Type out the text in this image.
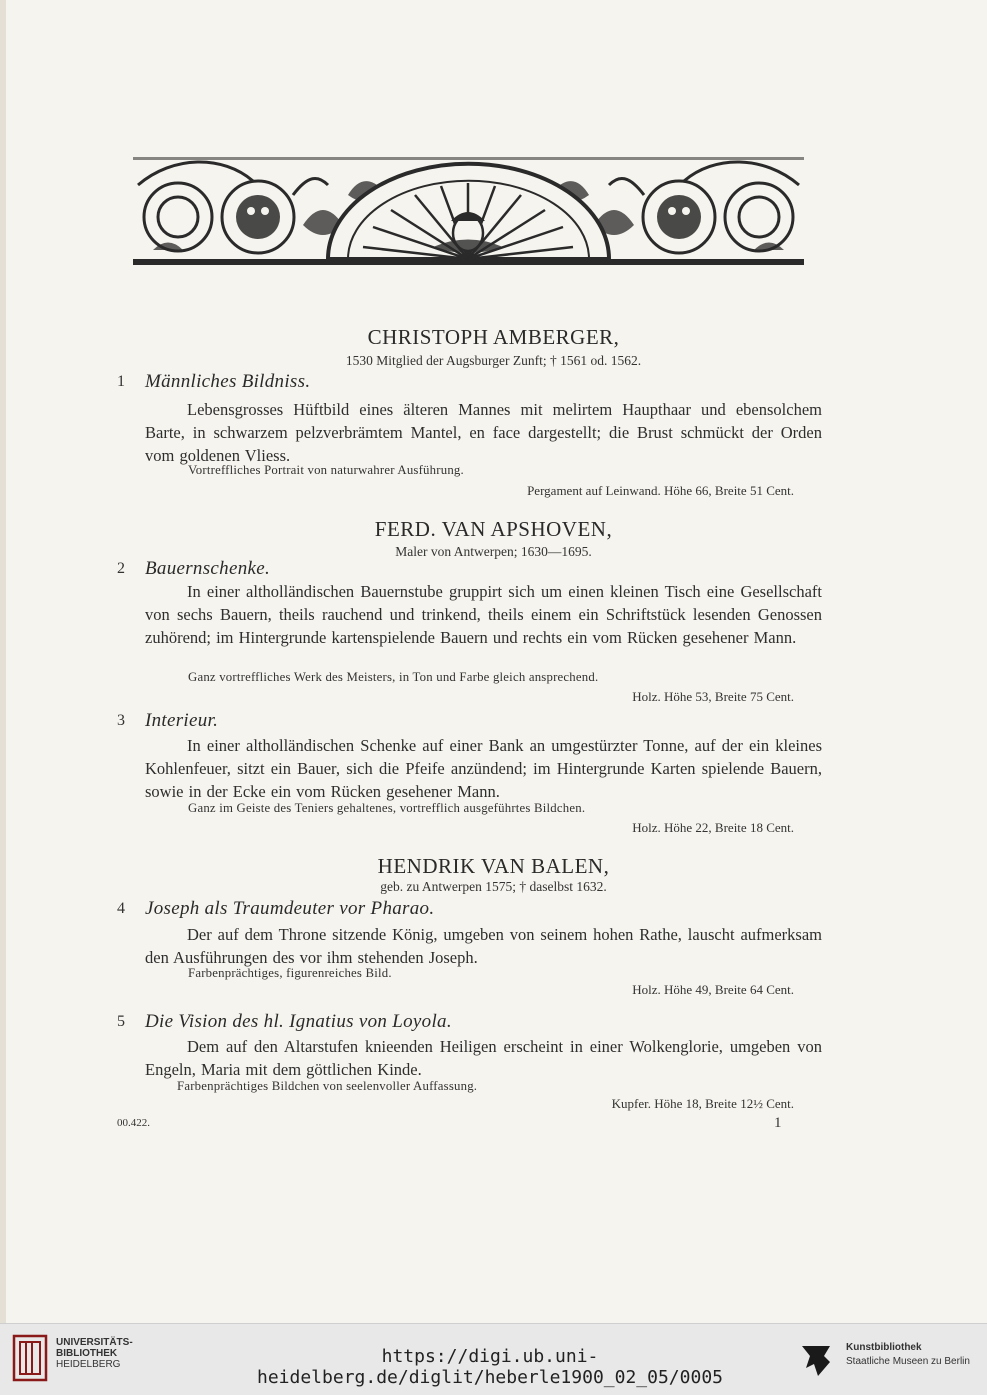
CHRISTOPH AMBERGER,
1530 Mitglied der Augsburger Zunft; † 1561 od. 1562.
1 Männliches Bildniss.
Lebensgrosses Hüftbild eines älteren Mannes mit melirtem Haupthaar und ebensolchem Barte, in schwarzem pelzverbrämtem Mantel, en face dargestellt; die Brust schmückt der Orden vom goldenen Vliess.
Vortreffliches Portrait von naturwahrer Ausführung.
Pergament auf Leinwand. Höhe 66, Breite 51 Cent.
FERD. VAN APSHOVEN,
Maler von Antwerpen; 1630—1695.
2 Bauernschenke.
In einer altholländischen Bauernstube gruppirt sich um einen kleinen Tisch eine Gesellschaft von sechs Bauern, theils rauchend und trinkend, theils einem ein Schriftstück lesenden Genossen zuhörend; im Hintergrunde kartenspielende Bauern und rechts ein vom Rücken gesehener Mann.
Ganz vortreffliches Werk des Meisters, in Ton und Farbe gleich ansprechend.
Holz. Höhe 53, Breite 75 Cent.
3 Interieur.
In einer altholländischen Schenke auf einer Bank an umgestürzter Tonne, auf der ein kleines Kohlenfeuer, sitzt ein Bauer, sich die Pfeife anzündend; im Hintergrunde Karten spielende Bauern, sowie in der Ecke ein vom Rücken gesehener Mann.
Ganz im Geiste des Teniers gehaltenes, vortrefflich ausgeführtes Bildchen.
Holz. Höhe 22, Breite 18 Cent.
HENDRIK VAN BALEN,
geb. zu Antwerpen 1575; † daselbst 1632.
4 Joseph als Traumdeuter vor Pharao.
Der auf dem Throne sitzende König, umgeben von seinem hohen Rathe, lauscht aufmerksam den Ausführungen des vor ihm stehenden Joseph.
Farbenprächtiges, figurenreiches Bild.
Holz. Höhe 49, Breite 64 Cent.
5 Die Vision des hl. Ignatius von Loyola.
Dem auf den Altarstufen knieenden Heiligen erscheint in einer Wolkenglorie, umgeben von Engeln, Maria mit dem göttlichen Kinde.
Farbenprächtiges Bildchen von seelenvoller Auffassung.
Kupfer. Höhe 18, Breite 12½ Cent.
00.422.	1
UNIVERSITÄTS-
BIBLIOTHEK
HEIDELBERG	https://digi.ub.uni-heidelberg.de/diglit/heberle1900_02_05/0005
Kunstbibliothek
Staatliche Museen zu Berlin
